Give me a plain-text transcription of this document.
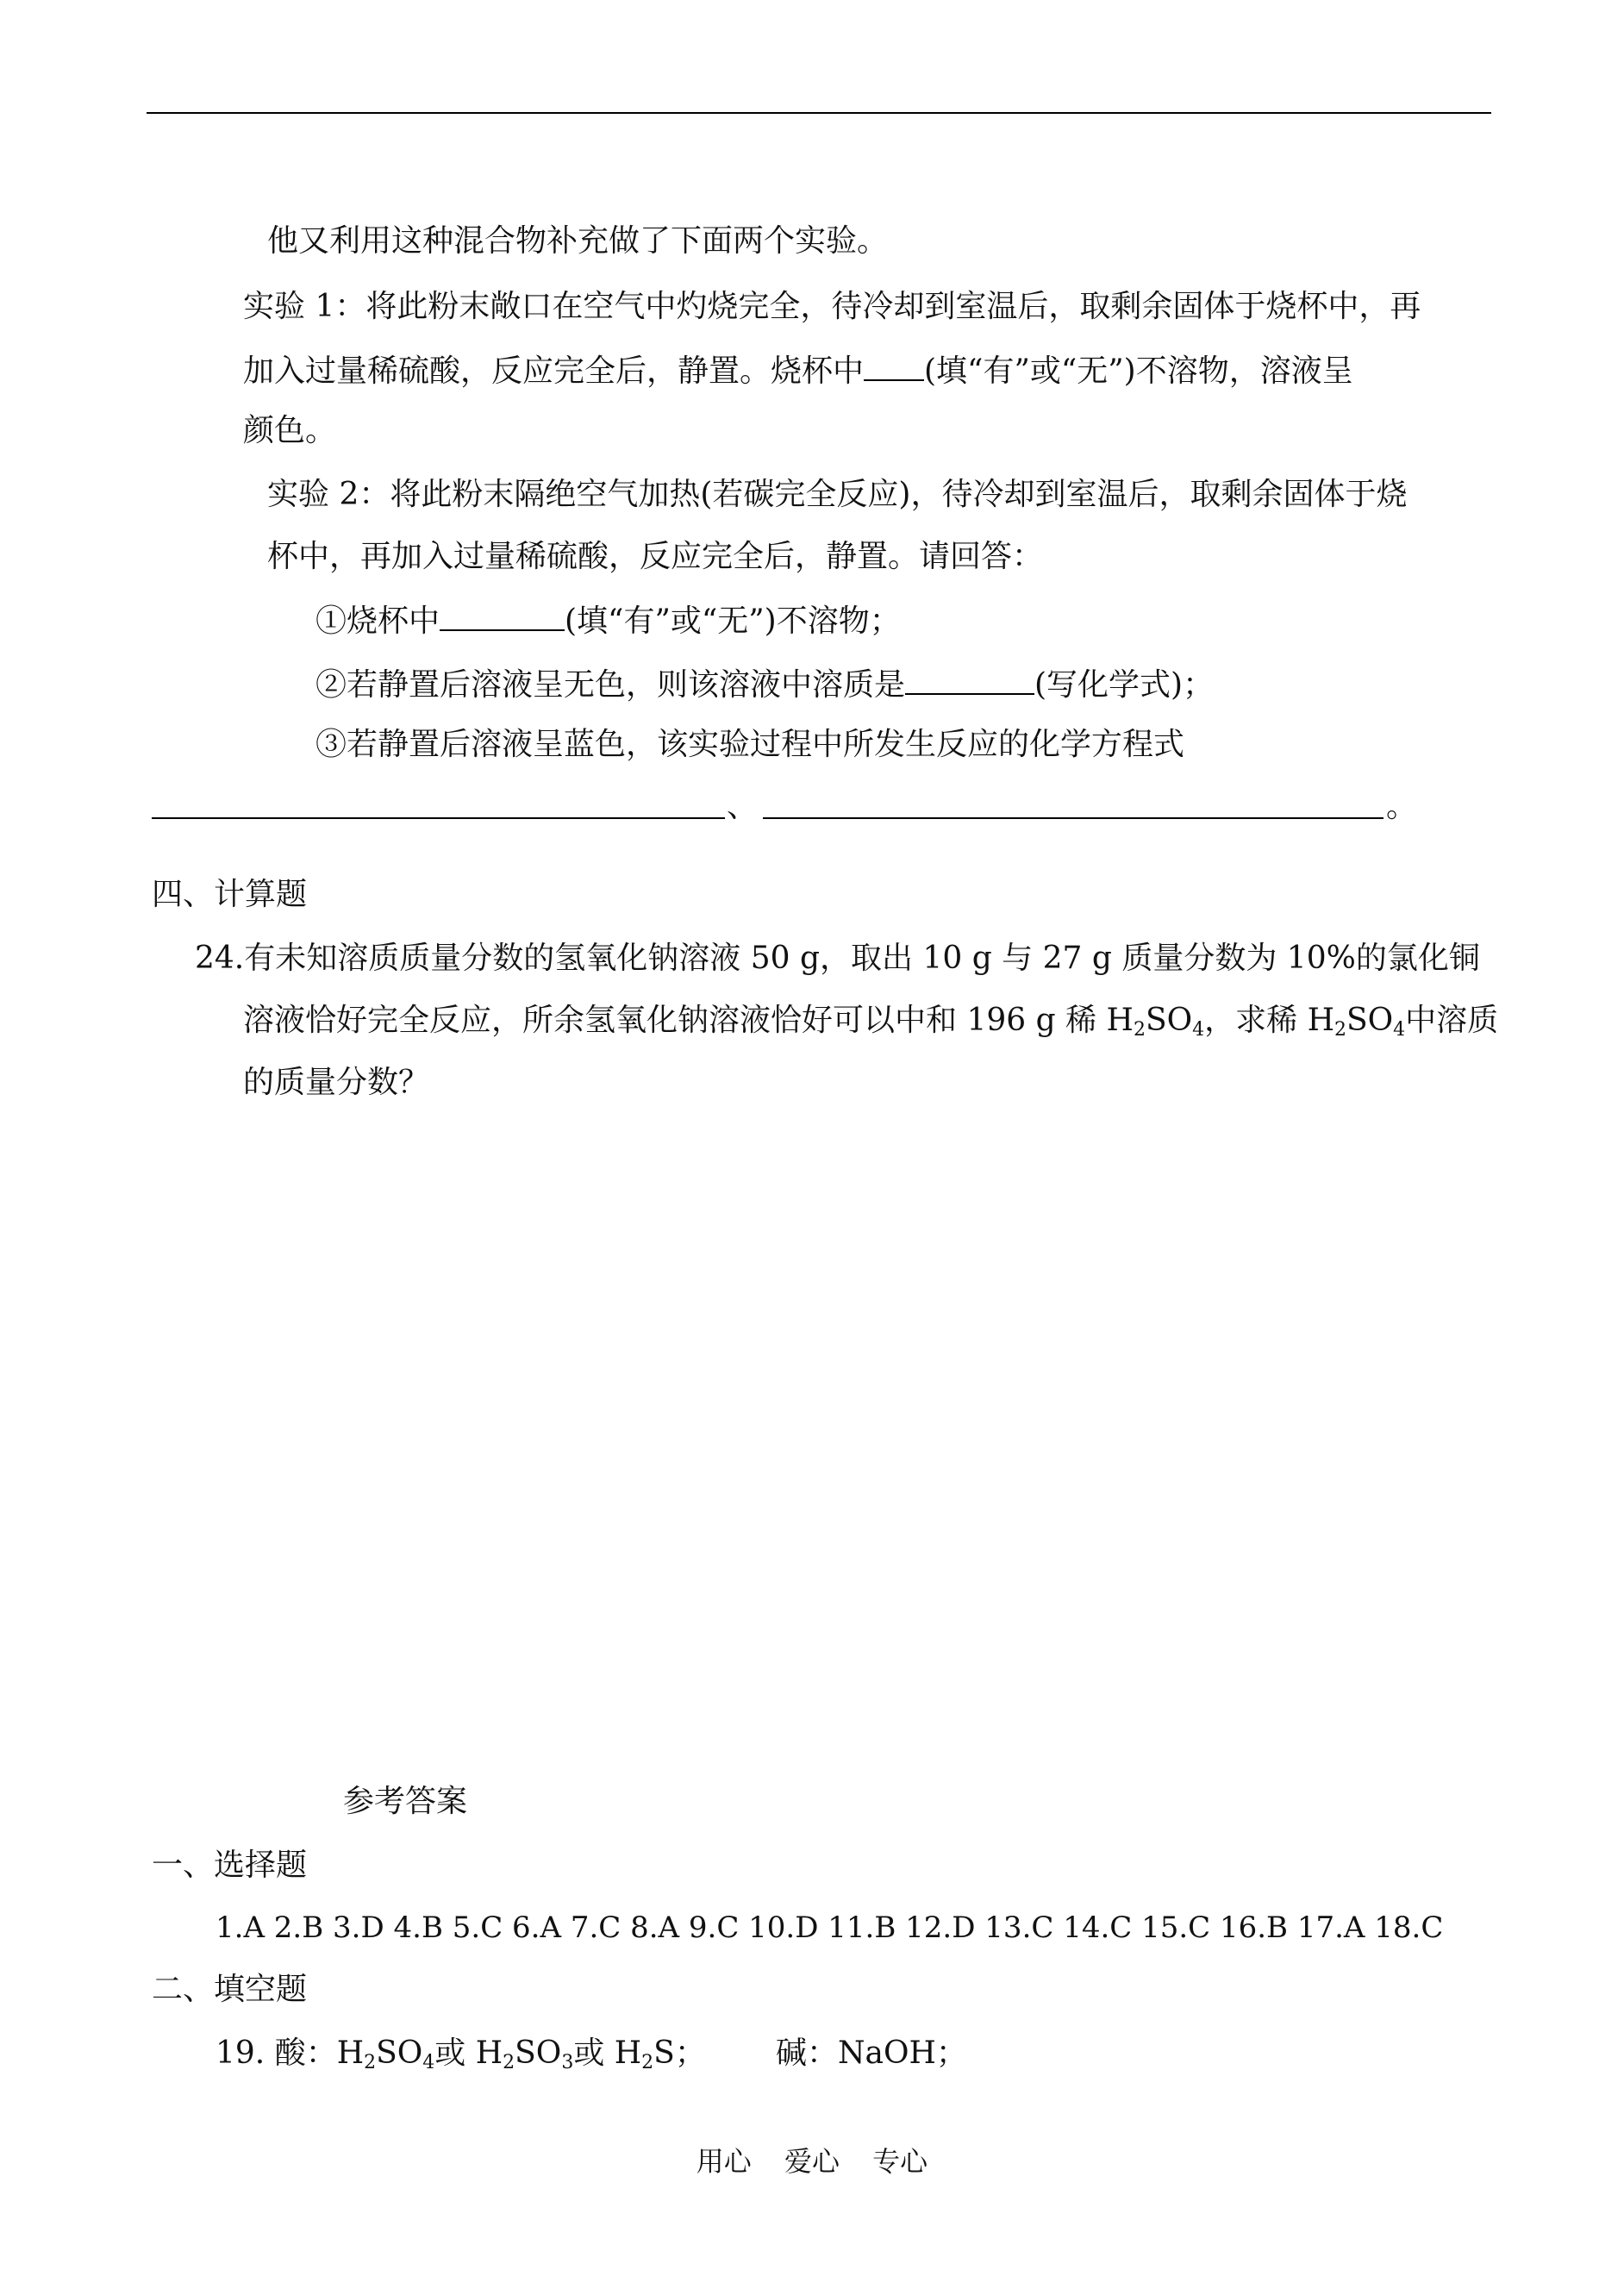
他又利用这种混合物补充做了下面两个实验。
实验 1：将此粉末敞口在空气中灼烧完全，待冷却到室温后，取剩余固体于烧杯中，再
加入过量稀硫酸，反应完全后，静置。烧杯中 (填“有”或“无”)不溶物，溶液呈
颜色。
实验 2：将此粉末隔绝空气加热(若碳完全反应)，待冷却到室温后，取剩余固体于烧
杯中，再加入过量稀硫酸，反应完全后，静置。请回答：
①烧杯中	(填“有”或“无”)不溶物；
②若静置后溶液呈无色，则该溶液中溶质是	(写化学式)；
③若静置后溶液呈蓝色，该实验过程中所发生反应的化学方程式
、	。
四、计算题
24.有未知溶质质量分数的氢氧化钠溶液 50 g，取出 10 g 与 27 g 质量分数为 10%的氯化铜
溶液恰好完全反应，所余氢氧化钠溶液恰好可以中和 196 g 稀 $H_2SO_4$，求稀 $H_2SO_4$中溶质
的质量分数？
参考答案
一、选择题
1.A 2.B 3.D 4.B 5.C 6.A 7.C 8.A 9.C 10.D 11.B 12.D 13.C 14.C 15.C 16.B 17.A 18.C
二、填空题
19. 酸：$H_2SO_4$或 $H_2SO_3$或 $H_2S$； 碱：NaOH；
用心 爱心 专心
